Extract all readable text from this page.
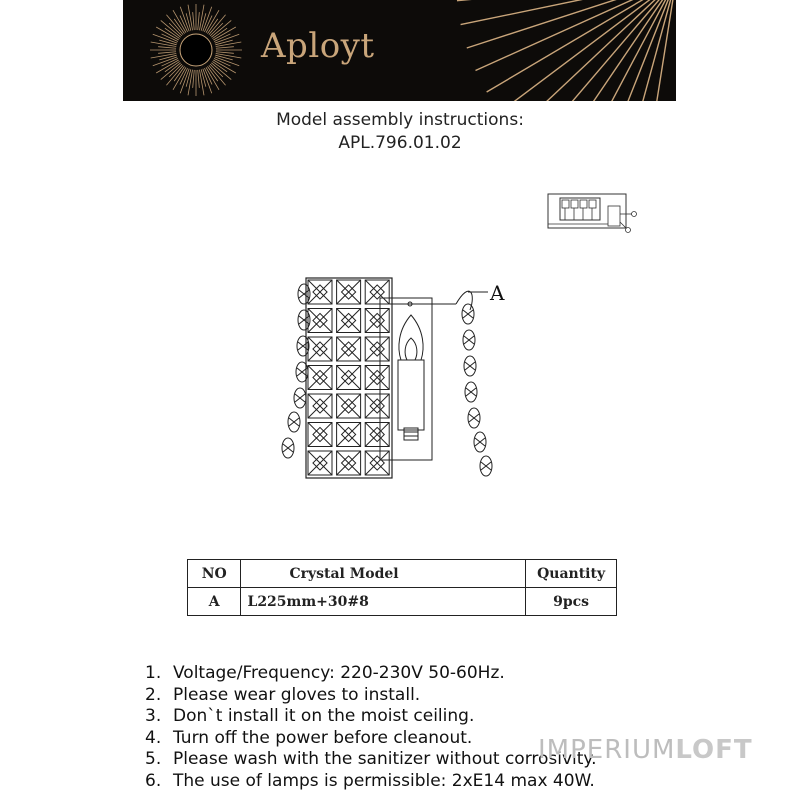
Aployt
Model assembly instructions:
APL.796.01.02
A
NO	Crystal Model	Quantity
A	L225mm+30#8	9pcs
1. Voltage/Frequency: 220-230V 50-60Hz.
2. Please wear gloves to install.
3. Don`t install it on the moist ceiling.
4. Turn off the power before cleanout.
5. Please wash with the sanitizer without corrosivity.
6. The use of lamps is permissible: 2xE14 max 40W.
IMPERIUMLOFT
